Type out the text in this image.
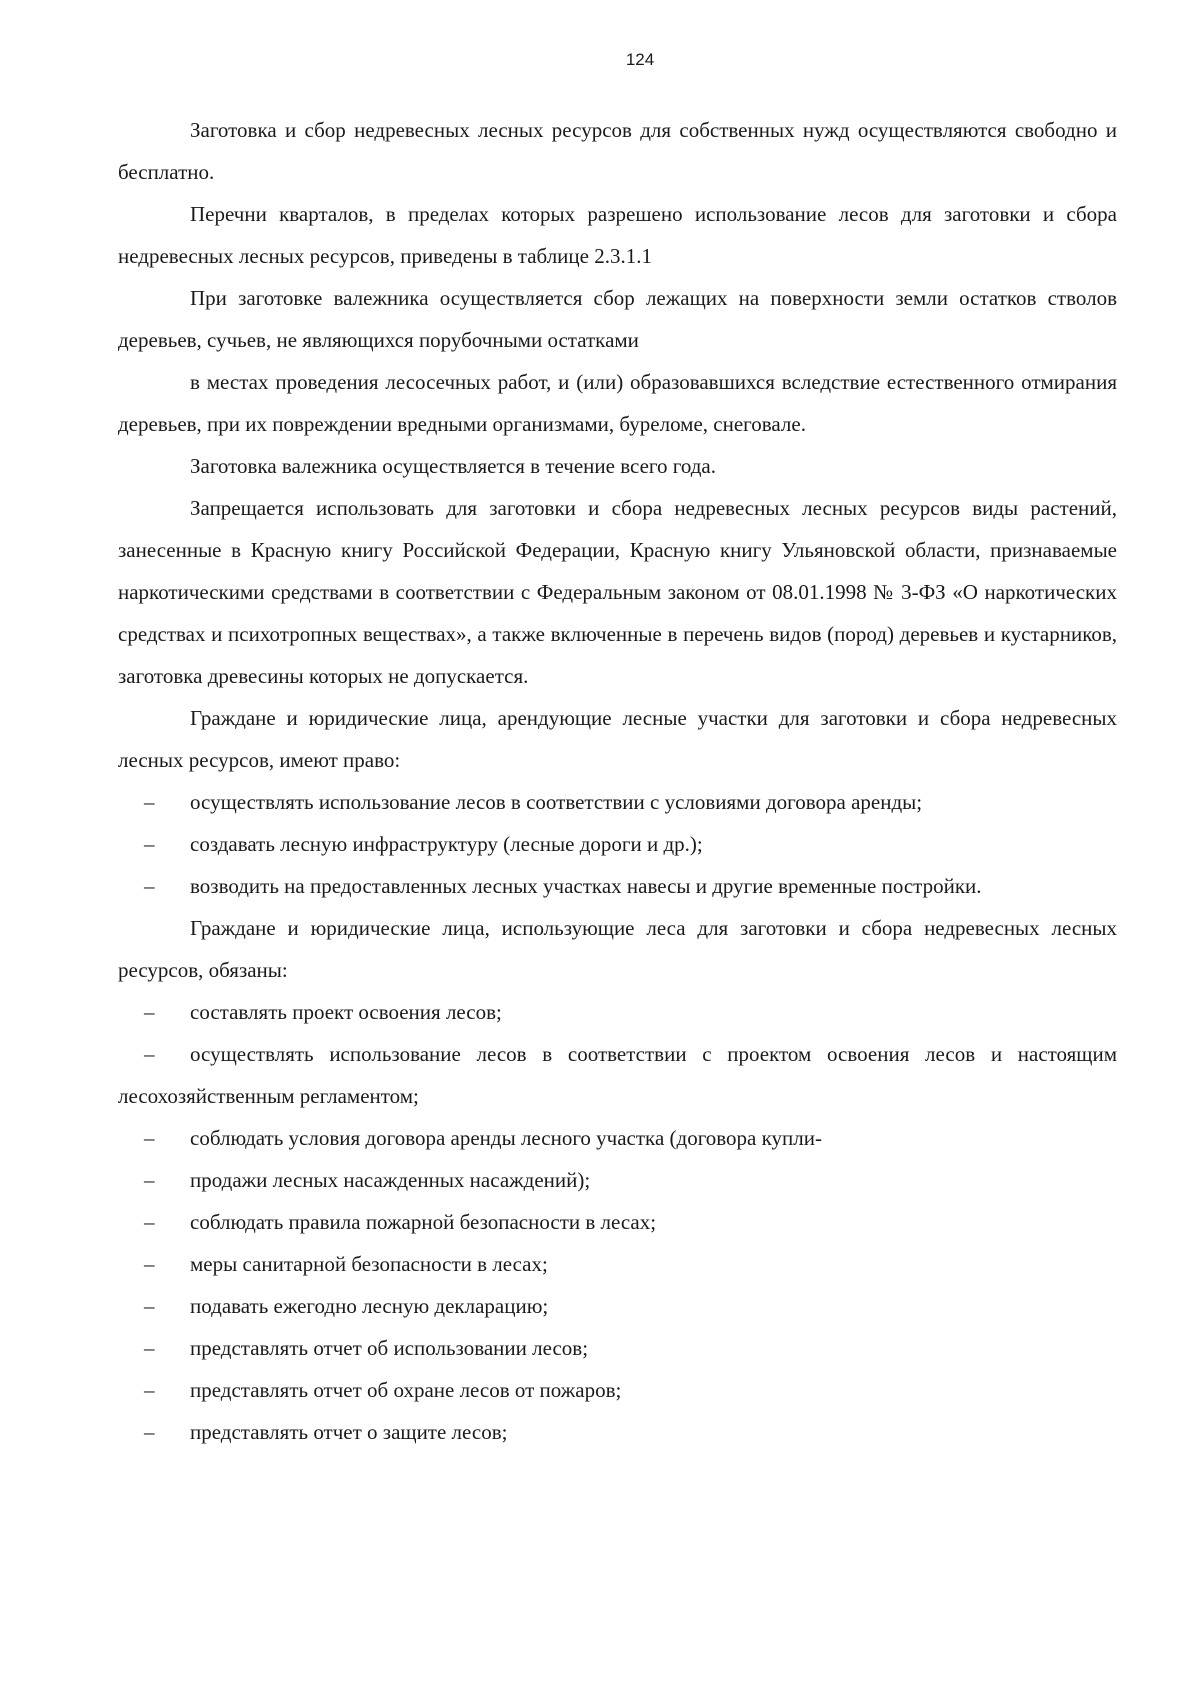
124

Заготовка и сбор недревесных лесных ресурсов для собственных нужд осуществляются свободно и бесплатно.

Перечни кварталов, в пределах которых разрешено использование лесов для заготовки и сбора недревесных лесных ресурсов, приведены в таблице 2.3.1.1

При заготовке валежника осуществляется сбор лежащих на поверхности земли остатков стволов деревьев, сучьев, не являющихся порубочными остатками

в местах проведения лесосечных работ, и (или) образовавшихся вследствие естественного отмирания деревьев, при их повреждении вредными организмами, буреломе, снеговале.

Заготовка валежника осуществляется в течение всего года.

Запрещается использовать для заготовки и сбора недревесных лесных ресурсов виды растений, занесенные в Красную книгу Российской Федерации, Красную книгу Ульяновской области, признаваемые наркотическими средствами в соответствии с Федеральным законом от 08.01.1998 № 3-ФЗ «О наркотических средствах и психотропных веществах», а также включенные в перечень видов (пород) деревьев и кустарников, заготовка древесины которых не допускается.

Граждане и юридические лица, арендующие лесные участки для заготовки и сбора недревесных лесных ресурсов, имеют право:

–	осуществлять использование лесов в соответствии с условиями договора аренды;
–	создавать лесную инфраструктуру (лесные дороги и др.);
–	возводить на предоставленных лесных участках навесы и другие временные постройки.

Граждане и юридические лица, использующие леса для заготовки и сбора недревесных лесных ресурсов, обязаны:

–	составлять проект освоения лесов;

– осуществлять использование лесов в соответствии с проектом освоения лесов и настоящим лесохозяйственным регламентом;

–	соблюдать условия договора аренды лесного участка (договора купли-
–	продажи лесных насажденных насаждений);
–	соблюдать правила пожарной безопасности в лесах;
–	меры санитарной безопасности в лесах;
–	подавать ежегодно лесную декларацию;
–	представлять отчет об использовании лесов;
–	представлять отчет об охране лесов от пожаров;
–	представлять отчет о защите лесов;
